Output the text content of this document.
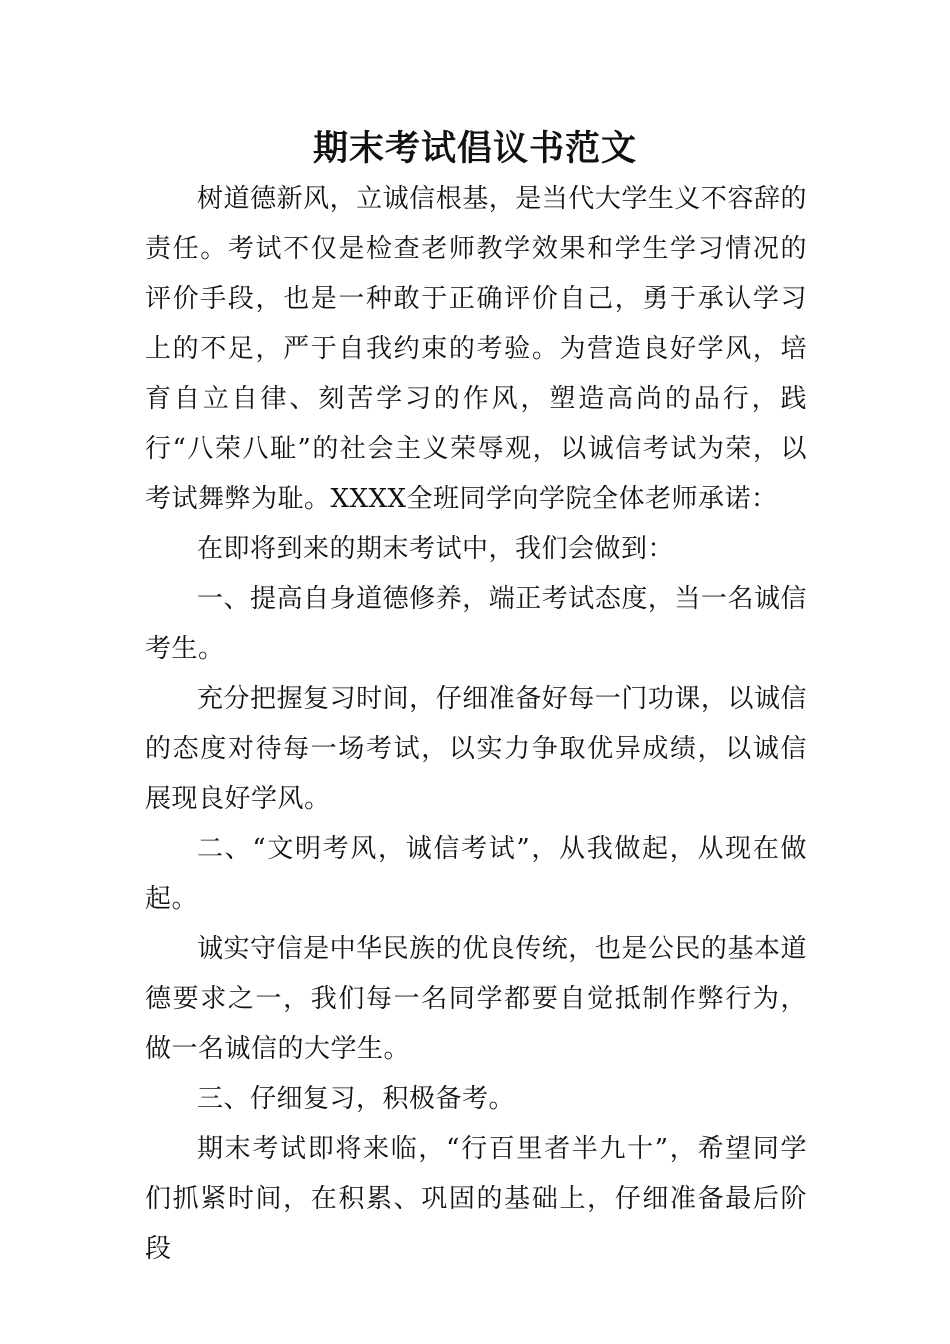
期末考试倡议书范文

树道德新风，立诚信根基，是当代大学生义不容辞的责任。考试不仅是检查老师教学效果和学生学习情况的评价手段，也是一种敢于正确评价自己，勇于承认学习上的不足，严于自我约束的考验。为营造良好学风，培育自立自律、刻苦学习的作风，塑造高尚的品行，践行“八荣八耻”的社会主义荣辱观，以诚信考试为荣，以考试舞弊为耻。XXXX全班同学向学院全体老师承诺：

在即将到来的期末考试中，我们会做到：

一、提高自身道德修养，端正考试态度，当一名诚信考生。

充分把握复习时间，仔细准备好每一门功课，以诚信的态度对待每一场考试，以实力争取优异成绩，以诚信展现良好学风。

二、“文明考风，诚信考试”，从我做起，从现在做起。

诚实守信是中华民族的优良传统，也是公民的基本道德要求之一，我们每一名同学都要自觉抵制作弊行为，做一名诚信的大学生。

三、仔细复习，积极备考。

期末考试即将来临，“行百里者半九十”，希望同学们抓紧时间，在积累、巩固的基础上，仔细准备最后阶段
